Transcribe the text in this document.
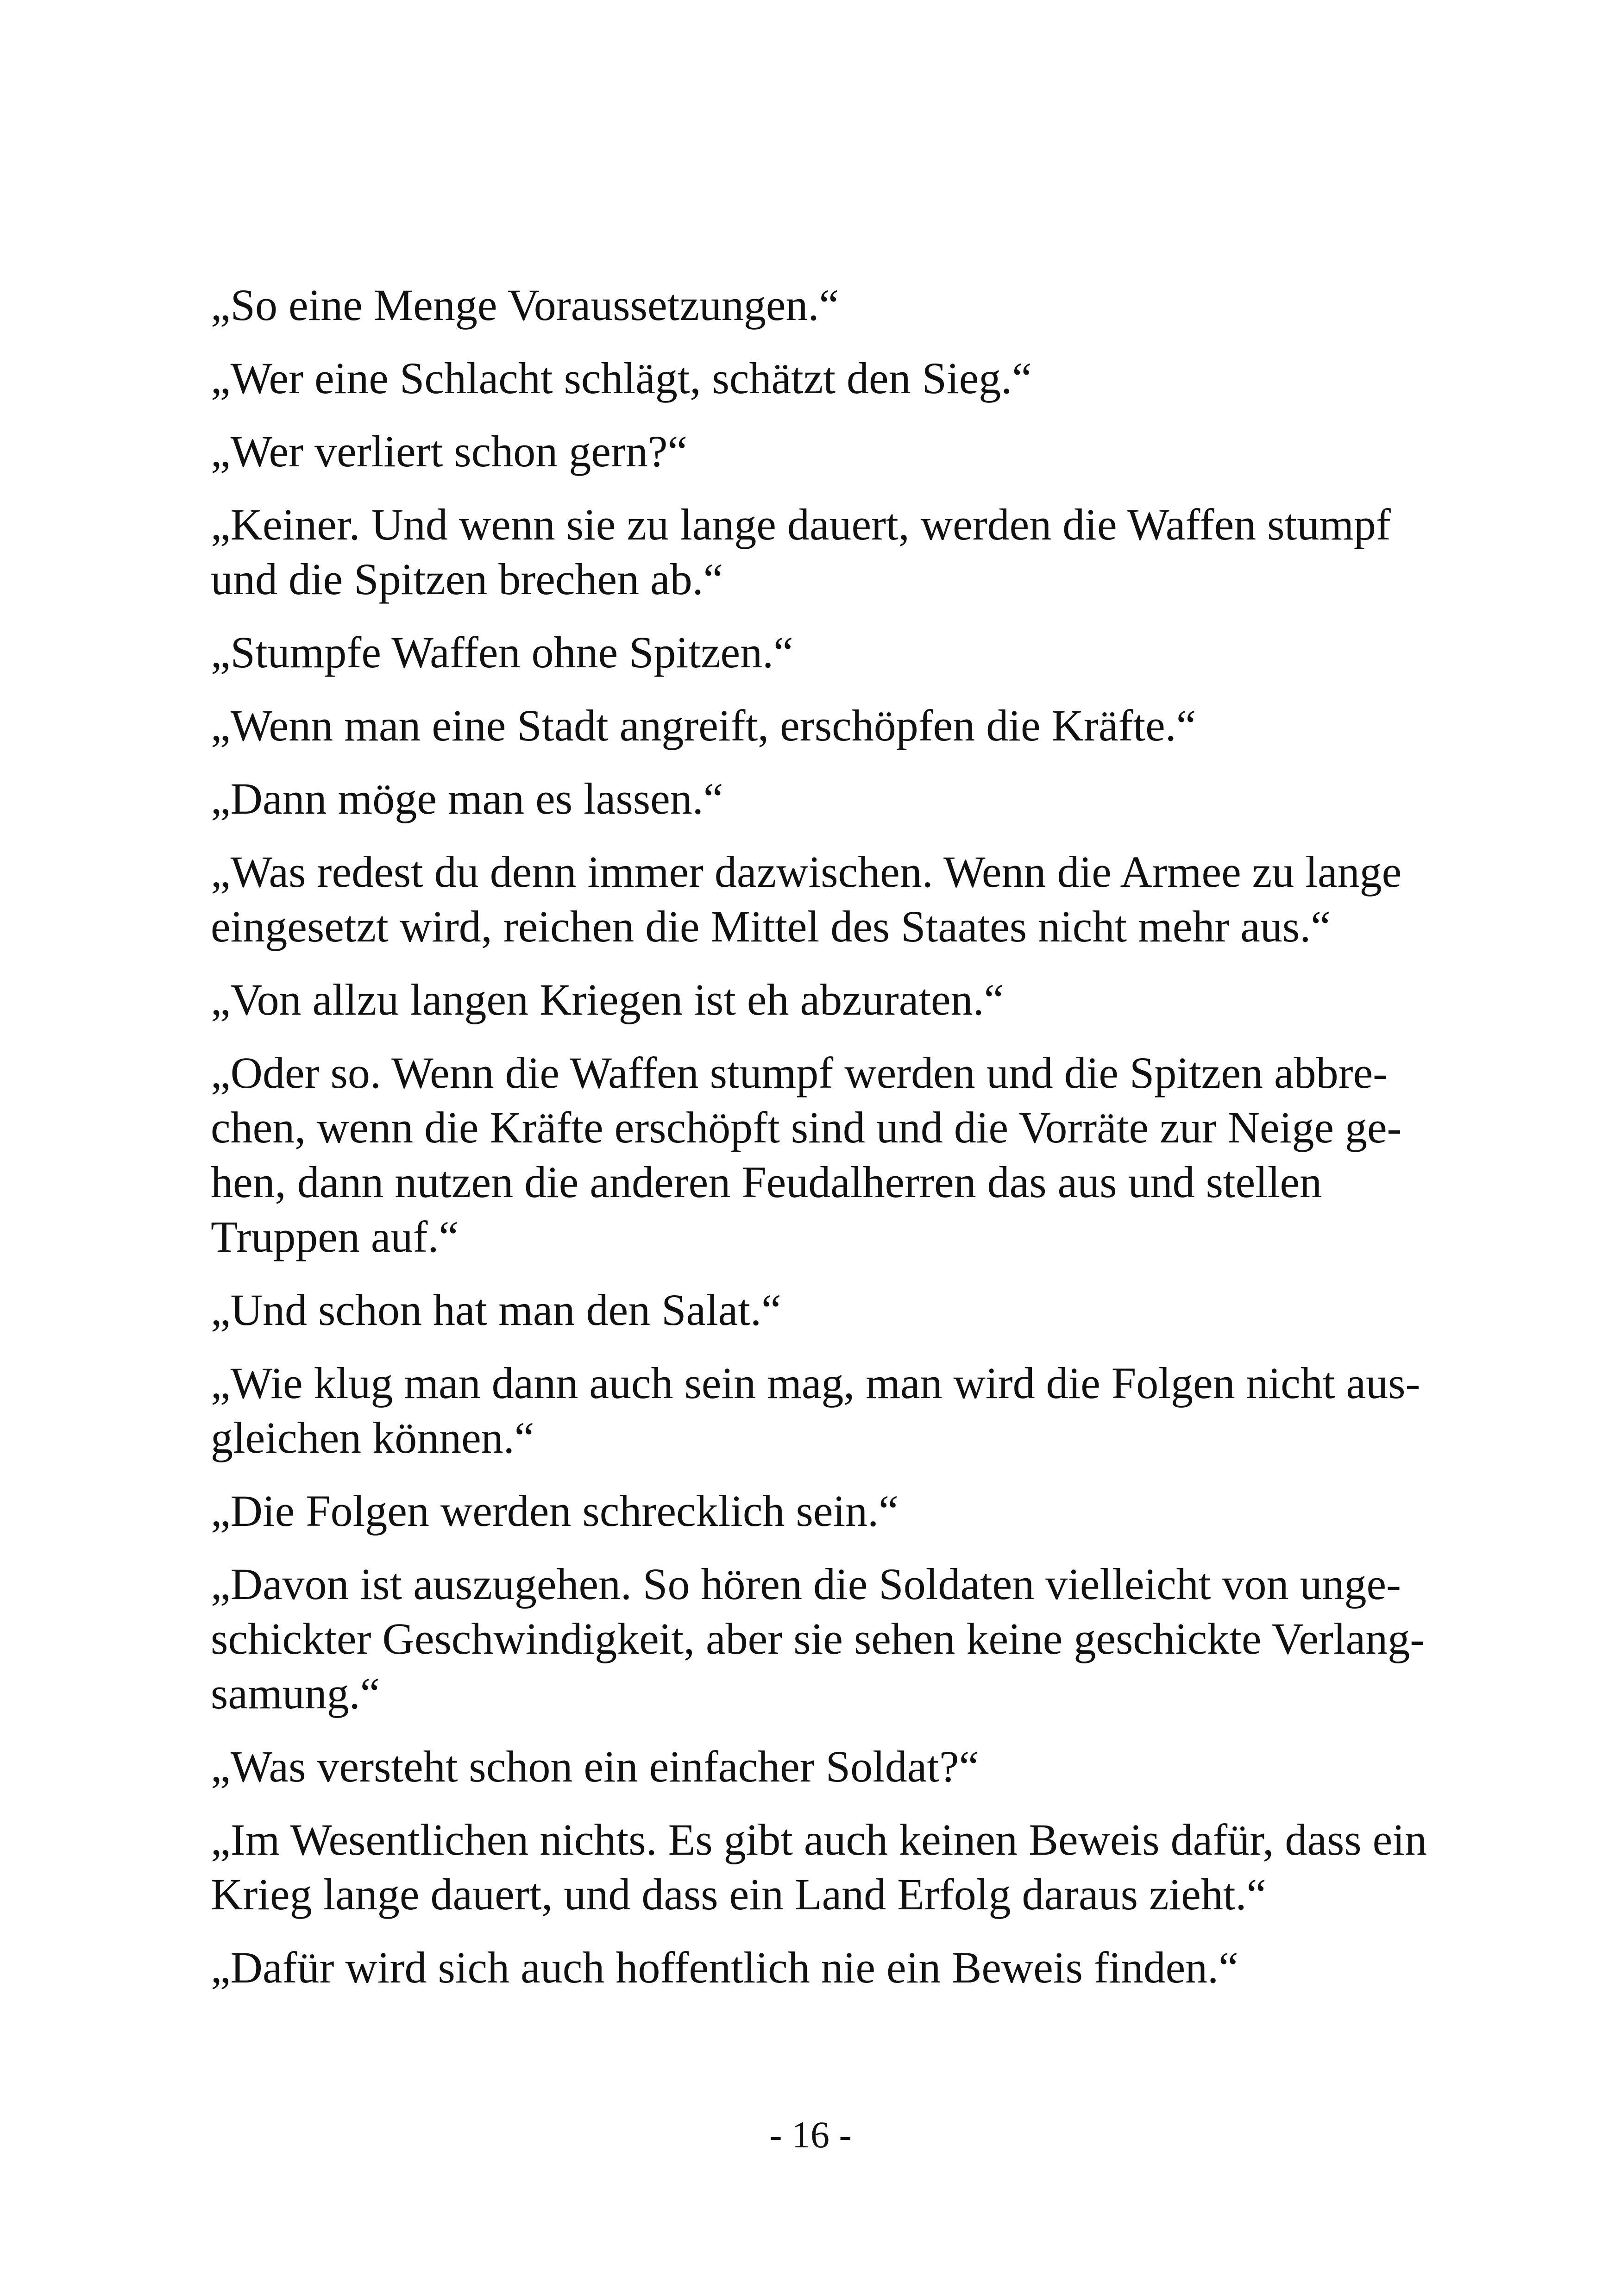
„So eine Menge Voraussetzungen.“

„Wer eine Schlacht schlägt, schätzt den Sieg.“

„Wer verliert schon gern?“

„Keiner. Und wenn sie zu lange dauert, werden die Waffen stumpf
und die Spitzen brechen ab.“

„Stumpfe Waffen ohne Spitzen.“

„Wenn man eine Stadt angreift, erschöpfen die Kräfte.“

„Dann möge man es lassen.“

„Was redest du denn immer dazwischen. Wenn die Armee zu lange
eingesetzt wird, reichen die Mittel des Staates nicht mehr aus.“

„Von allzu langen Kriegen ist eh abzuraten.“

„Oder so. Wenn die Waffen stumpf werden und die Spitzen abbre-
chen, wenn die Kräfte erschöpft sind und die Vorräte zur Neige ge-
hen, dann nutzen die anderen Feudalherren das aus und stellen
Truppen auf.“

„Und schon hat man den Salat.“

„Wie klug man dann auch sein mag, man wird die Folgen nicht aus-
gleichen können.“

„Die Folgen werden schrecklich sein.“

„Davon ist auszugehen. So hören die Soldaten vielleicht von unge-
schickter Geschwindigkeit, aber sie sehen keine geschickte Verlang-
samung.“

„Was versteht schon ein einfacher Soldat?“

„Im Wesentlichen nichts. Es gibt auch keinen Beweis dafür, dass ein
Krieg lange dauert, und dass ein Land Erfolg daraus zieht.“

„Dafür wird sich auch hoffentlich nie ein Beweis finden.“

- 16 -
